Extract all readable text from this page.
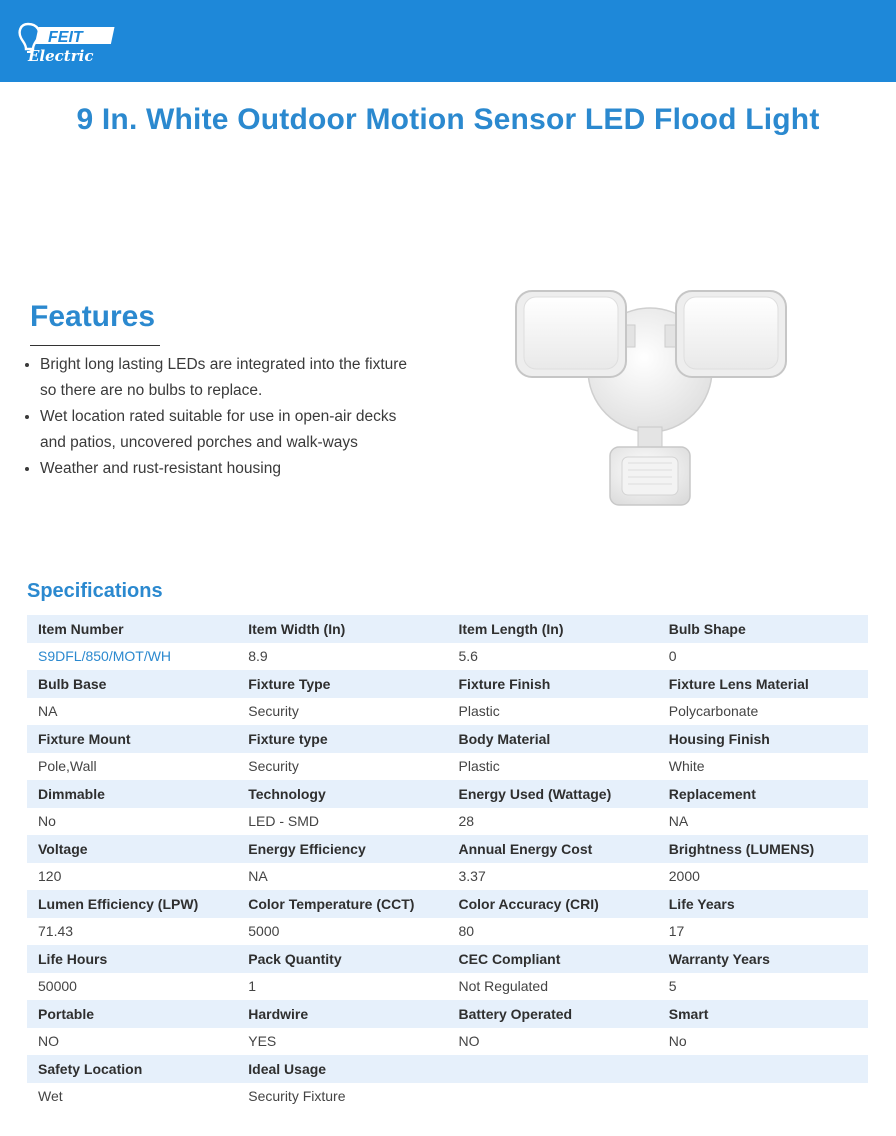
FEIT
Electric
9 In. White Outdoor Motion Sensor LED Flood Light
Features
• Bright long lasting LEDs are integrated into the fixture so there are no bulbs to replace.
• Wet location rated suitable for use in open-air decks and patios, uncovered porches and walk-ways
• Weather and rust-resistant housing
Specifications
Item Number	Item Width (In)	Item Length (In)	Bulb Shape
S9DFL/850/MOT/WH	8.9	5.6	0
Bulb Base	Fixture Type	Fixture Finish	Fixture Lens Material
NA	Security	Plastic	Polycarbonate
Fixture Mount	Fixture type	Body Material	Housing Finish
Pole,Wall	Security	Plastic	White
Dimmable	Technology	Energy Used (Wattage)	Replacement
No	LED - SMD	28	NA
Voltage	Energy Efficiency	Annual Energy Cost	Brightness (LUMENS)
120	NA	3.37	2000
Lumen Efficiency (LPW)	Color Temperature (CCT)	Color Accuracy (CRI)	Life Years
71.43	5000	80	17
Life Hours	Pack Quantity	CEC Compliant	Warranty Years
50000	1	Not Regulated	5
Portable	Hardwire	Battery Operated	Smart
NO	YES	NO	No
Safety Location	Ideal Usage
Wet	Security Fixture
